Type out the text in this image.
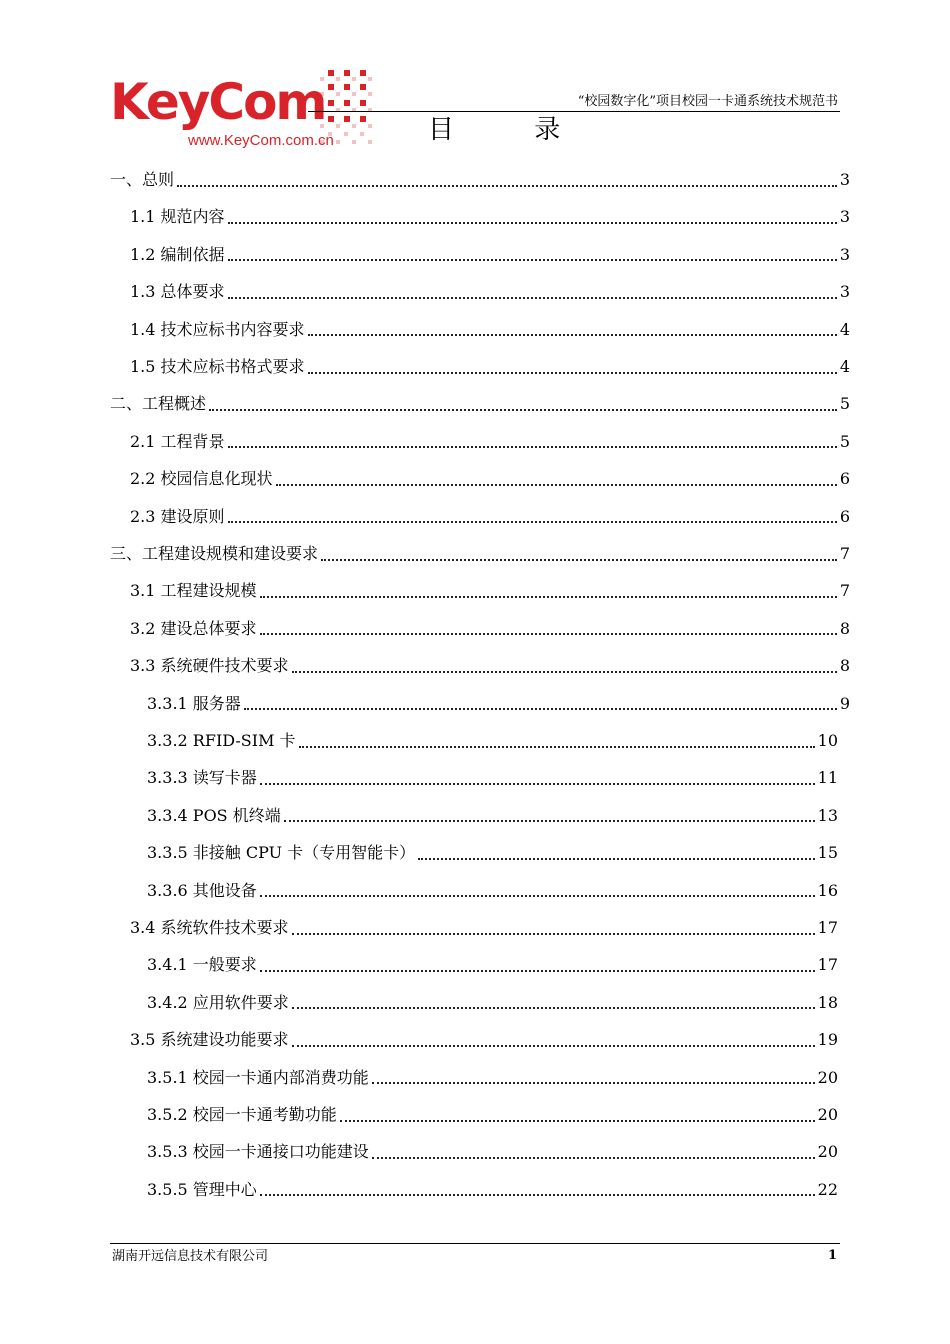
KeyCom
www.KeyCom.com.cn
“校园数字化”项目校园一卡通系统技术规范书
目 录
一、总则	3
1.1 规范内容	3
1.2 编制依据	3
1.3 总体要求	3
1.4 技术应标书内容要求	4
1.5 技术应标书格式要求	4
二、工程概述	5
2.1 工程背景	5
2.2 校园信息化现状	6
2.3 建设原则	6
三、工程建设规模和建设要求	7
3.1 工程建设规模	7
3.2 建设总体要求	8
3.3 系统硬件技术要求	8
3.3.1 服务器	9
3.3.2 RFID-SIM 卡	10
3.3.3 读写卡器	11
3.3.4 POS 机终端	13
3.3.5 非接触 CPU 卡（专用智能卡）	15
3.3.6 其他设备	16
3.4 系统软件技术要求	17
3.4.1 一般要求	17
3.4.2 应用软件要求	18
3.5 系统建设功能要求	19
3.5.1 校园一卡通内部消费功能	20
3.5.2 校园一卡通考勤功能	20
3.5.3 校园一卡通接口功能建设	20
3.5.5 管理中心	22
湖南开远信息技术有限公司	1
